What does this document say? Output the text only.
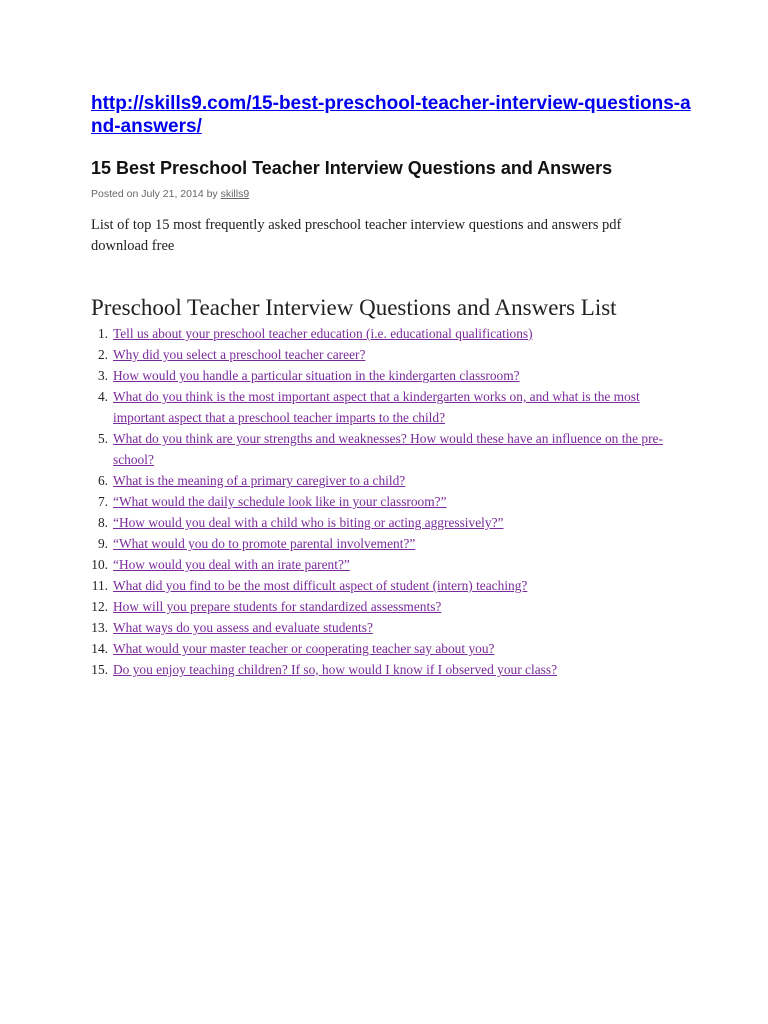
http://skills9.com/15-best-preschool-teacher-interview-questions-and-answers/
15 Best Preschool Teacher Interview Questions and Answers
Posted on July 21, 2014 by skills9
List of top 15 most frequently asked preschool teacher interview questions and answers pdf download free
Preschool Teacher Interview Questions and Answers List
1. Tell us about your preschool teacher education (i.e. educational qualifications)
2. Why did you select a preschool teacher career?
3. How would you handle a particular situation in the kindergarten classroom?
4. What do you think is the most important aspect that a kindergarten works on, and what is the most important aspect that a preschool teacher imparts to the child?
5. What do you think are your strengths and weaknesses? How would these have an influence on the pre-school?
6. What is the meaning of a primary caregiver to a child?
7. “What would the daily schedule look like in your classroom?”
8. “How would you deal with a child who is biting or acting aggressively?”
9. “What would you do to promote parental involvement?”
10. “How would you deal with an irate parent?”
11. What did you find to be the most difficult aspect of student (intern) teaching?
12. How will you prepare students for standardized assessments?
13. What ways do you assess and evaluate students?
14. What would your master teacher or cooperating teacher say about you?
15. Do you enjoy teaching children? If so, how would I know if I observed your class?
